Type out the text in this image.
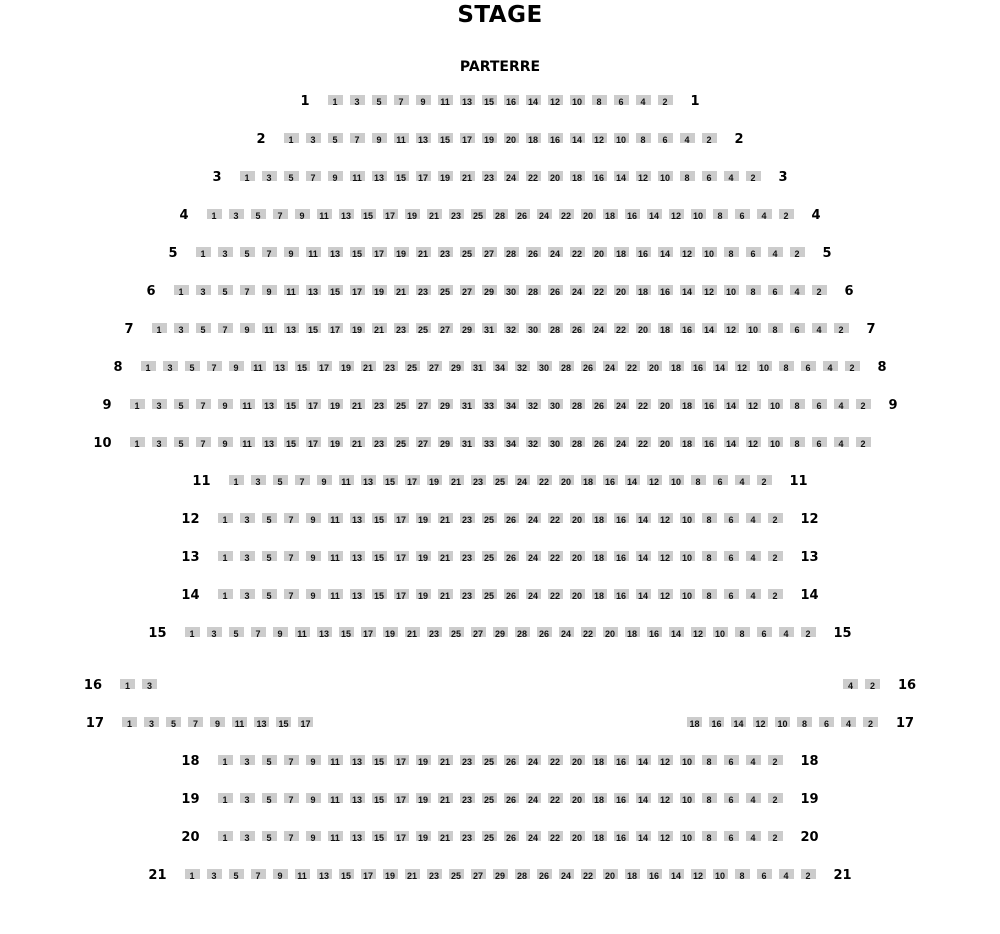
STAGE
PARTERRE
1	1	3	5	7	9	11	13	15	16	14	12	10	8	6	4	2	1
2	1	3	5	7	9	11	13	15	17	19	20	18	16	14	12	10	8	6	4	2	2
3	1	3	5	7	9	11	13	15	17	19	21	23	24	22	20	18	16	14	12	10	8	6	4	2	3
4	1	3	5	7	9	11	13	15	17	19	21	23	25	28	26	24	22	20	18	16	14	12	10	8	6	4	2	4
5	1	3	5	7	9	11	13	15	17	19	21	23	25	27	28	26	24	22	20	18	16	14	12	10	8	6	4	2	5
6	1	3	5	7	9	11	13	15	17	19	21	23	25	27	29	30	28	26	24	22	20	18	16	14	12	10	8	6	4	2	6
7	1	3	5	7	9	11	13	15	17	19	21	23	25	27	29	31	32	30	28	26	24	22	20	18	16	14	12	10	8	6	4	2	7
8	1	3	5	7	9	11	13	15	17	19	21	23	25	27	29	31	34	32	30	28	26	24	22	20	18	16	14	12	10	8	6	4	2	8
9	1	3	5	7	9	11	13	15	17	19	21	23	25	27	29	31	33	34	32	30	28	26	24	22	20	18	16	14	12	10	8	6	4	2	9
10	1	3	5	7	9	11	13	15	17	19	21	23	25	27	29	31	33	34	32	30	28	26	24	22	20	18	16	14	12	10	8	6	4	2
11	1	3	5	7	9	11	13	15	17	19	21	23	25	24	22	20	18	16	14	12	10	8	6	4	2	11
12	1	3	5	7	9	11	13	15	17	19	21	23	25	26	24	22	20	18	16	14	12	10	8	6	4	2	12
13	1	3	5	7	9	11	13	15	17	19	21	23	25	26	24	22	20	18	16	14	12	10	8	6	4	2	13
14	1	3	5	7	9	11	13	15	17	19	21	23	25	26	24	22	20	18	16	14	12	10	8	6	4	2	14
15	1	3	5	7	9	11	13	15	17	19	21	23	25	27	29	28	26	24	22	20	18	16	14	12	10	8	6	4	2	15
16	1	3	4	2	16
17	1	3	5	7	9	11	13	15	17	18	16	14	12	10	8	6	4	2	17
18	1	3	5	7	9	11	13	15	17	19	21	23	25	26	24	22	20	18	16	14	12	10	8	6	4	2	18
19	1	3	5	7	9	11	13	15	17	19	21	23	25	26	24	22	20	18	16	14	12	10	8	6	4	2	19
20	1	3	5	7	9	11	13	15	17	19	21	23	25	26	24	22	20	18	16	14	12	10	8	6	4	2	20
21	1	3	5	7	9	11	13	15	17	19	21	23	25	27	29	28	26	24	22	20	18	16	14	12	10	8	6	4	2	21
